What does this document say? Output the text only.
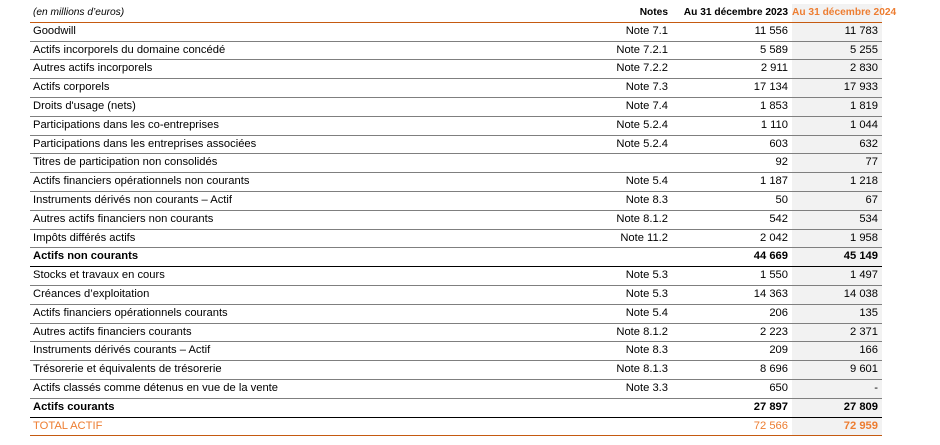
(en millions d’euros)	Notes	Au 31 décembre 2023	Au 31 décembre 2024
Goodwill	Note 7.1	11 556	11 783
Actifs incorporels du domaine concédé	Note 7.2.1	5 589	5 255
Autres actifs incorporels	Note 7.2.2	2 911	2 830
Actifs corporels	Note 7.3	17 134	17 933
Droits d'usage (nets)	Note 7.4	1 853	1 819
Participations dans les co-entreprises	Note 5.2.4	1 110	1 044
Participations dans les entreprises associées	Note 5.2.4	603	632
Titres de participation non consolidés		92	77
Actifs financiers opérationnels non courants	Note 5.4	1 187	1 218
Instruments dérivés non courants – Actif	Note 8.3	50	67
Autres actifs financiers non courants	Note 8.1.2	542	534
Impôts différés actifs	Note 11.2	2 042	1 958
Actifs non courants		44 669	45 149
Stocks et travaux en cours	Note 5.3	1 550	1 497
Créances d’exploitation	Note 5.3	14 363	14 038
Actifs financiers opérationnels courants	Note 5.4	206	135
Autres actifs financiers courants	Note 8.1.2	2 223	2 371
Instruments dérivés courants – Actif	Note 8.3	209	166
Trésorerie et équivalents de trésorerie	Note 8.1.3	8 696	9 601
Actifs classés comme détenus en vue de la vente	Note 3.3	650	-
Actifs courants		27 897	27 809
TOTAL ACTIF		72 566	72 959
